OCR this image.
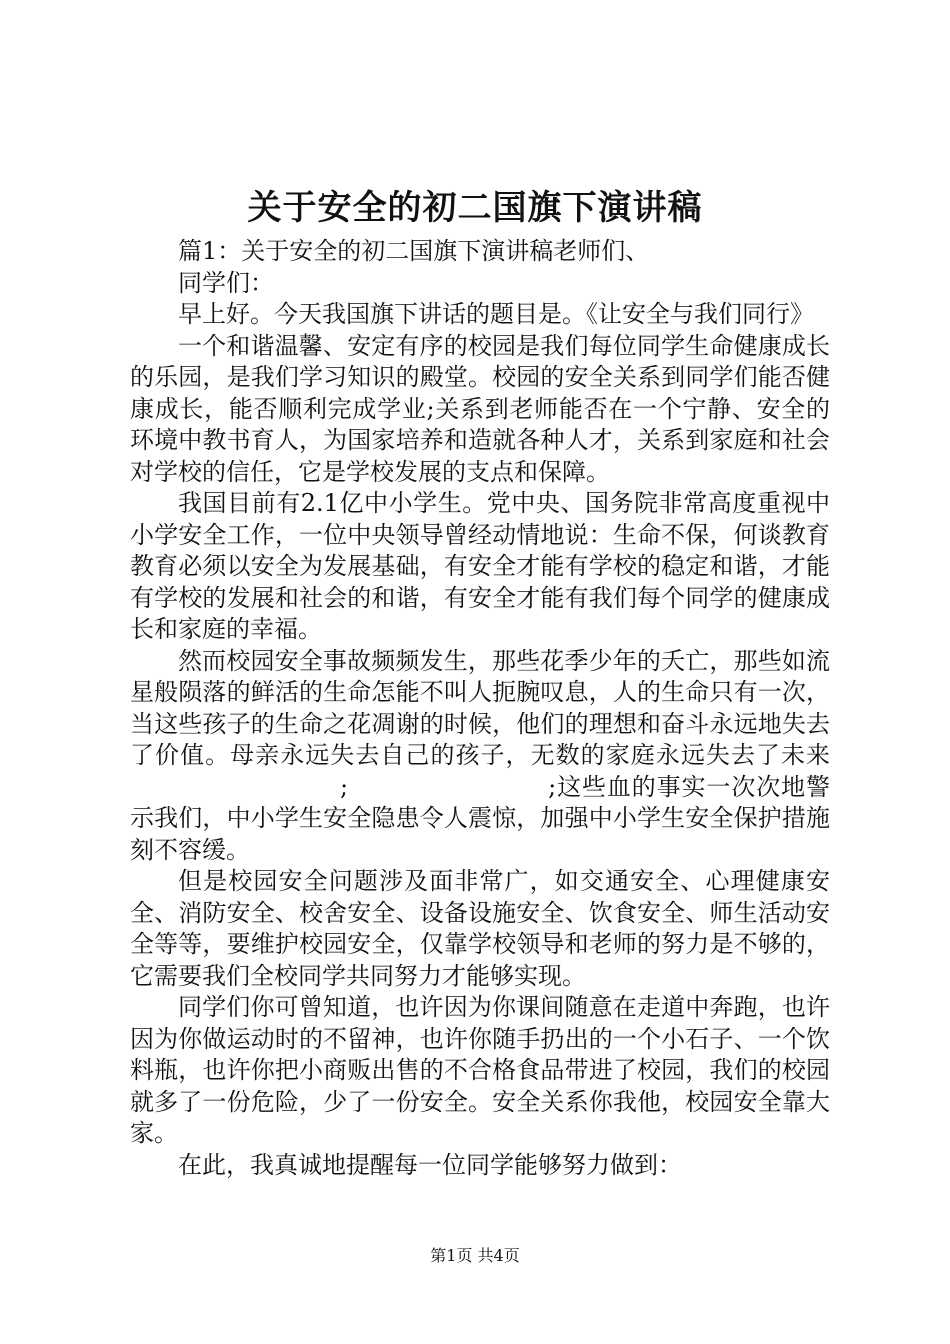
关于安全的初二国旗下演讲稿

篇1：关于安全的初二国旗下演讲稿老师们、

同学们：

早上好。今天我国旗下讲话的题目是。《让安全与我们同行》

一个和谐温馨、安定有序的校园是我们每位同学生命健康成长的乐园，是我们学习知识的殿堂。校园的安全关系到同学们能否健康成长，能否顺利完成学业;关系到老师能否在一个宁静、安全的环境中教书育人，为国家培养和造就各种人才，关系到家庭和社会对学校的信任，它是学校发展的支点和保障。

我国目前有2.1亿中小学生。党中央、国务院非常高度重视中小学安全工作，一位中央领导曾经动情地说：生命不保，何谈教育教育必须以安全为发展基础，有安全才能有学校的稳定和谐，才能有学校的发展和社会的和谐，有安全才能有我们每个同学的健康成长和家庭的幸福。

然而校园安全事故频频发生，那些花季少年的夭亡，那些如流星般陨落的鲜活的生命怎能不叫人扼腕叹息，人的生命只有一次，当这些孩子的生命之花凋谢的时候，他们的理想和奋斗永远地失去了价值。母亲永远失去自己的孩子，无数的家庭永远失去了未来;	;这些血的事实一次次地警示我们，中小学生安全隐患令人震惊，加强中小学生安全保护措施刻不容缓。

但是校园安全问题涉及面非常广，如交通安全、心理健康安全、消防安全、校舍安全、设备设施安全、饮食安全、师生活动安全等等，要维护校园安全，仅靠学校领导和老师的努力是不够的，它需要我们全校同学共同努力才能够实现。

同学们你可曾知道，也许因为你课间随意在走道中奔跑，也许因为你做运动时的不留神，也许你随手扔出的一个小石子、一个饮料瓶，也许你把小商贩出售的不合格食品带进了校园，我们的校园就多了一份危险，少了一份安全。安全关系你我他，校园安全靠大家。

在此，我真诚地提醒每一位同学能够努力做到：

第1页 共4页
